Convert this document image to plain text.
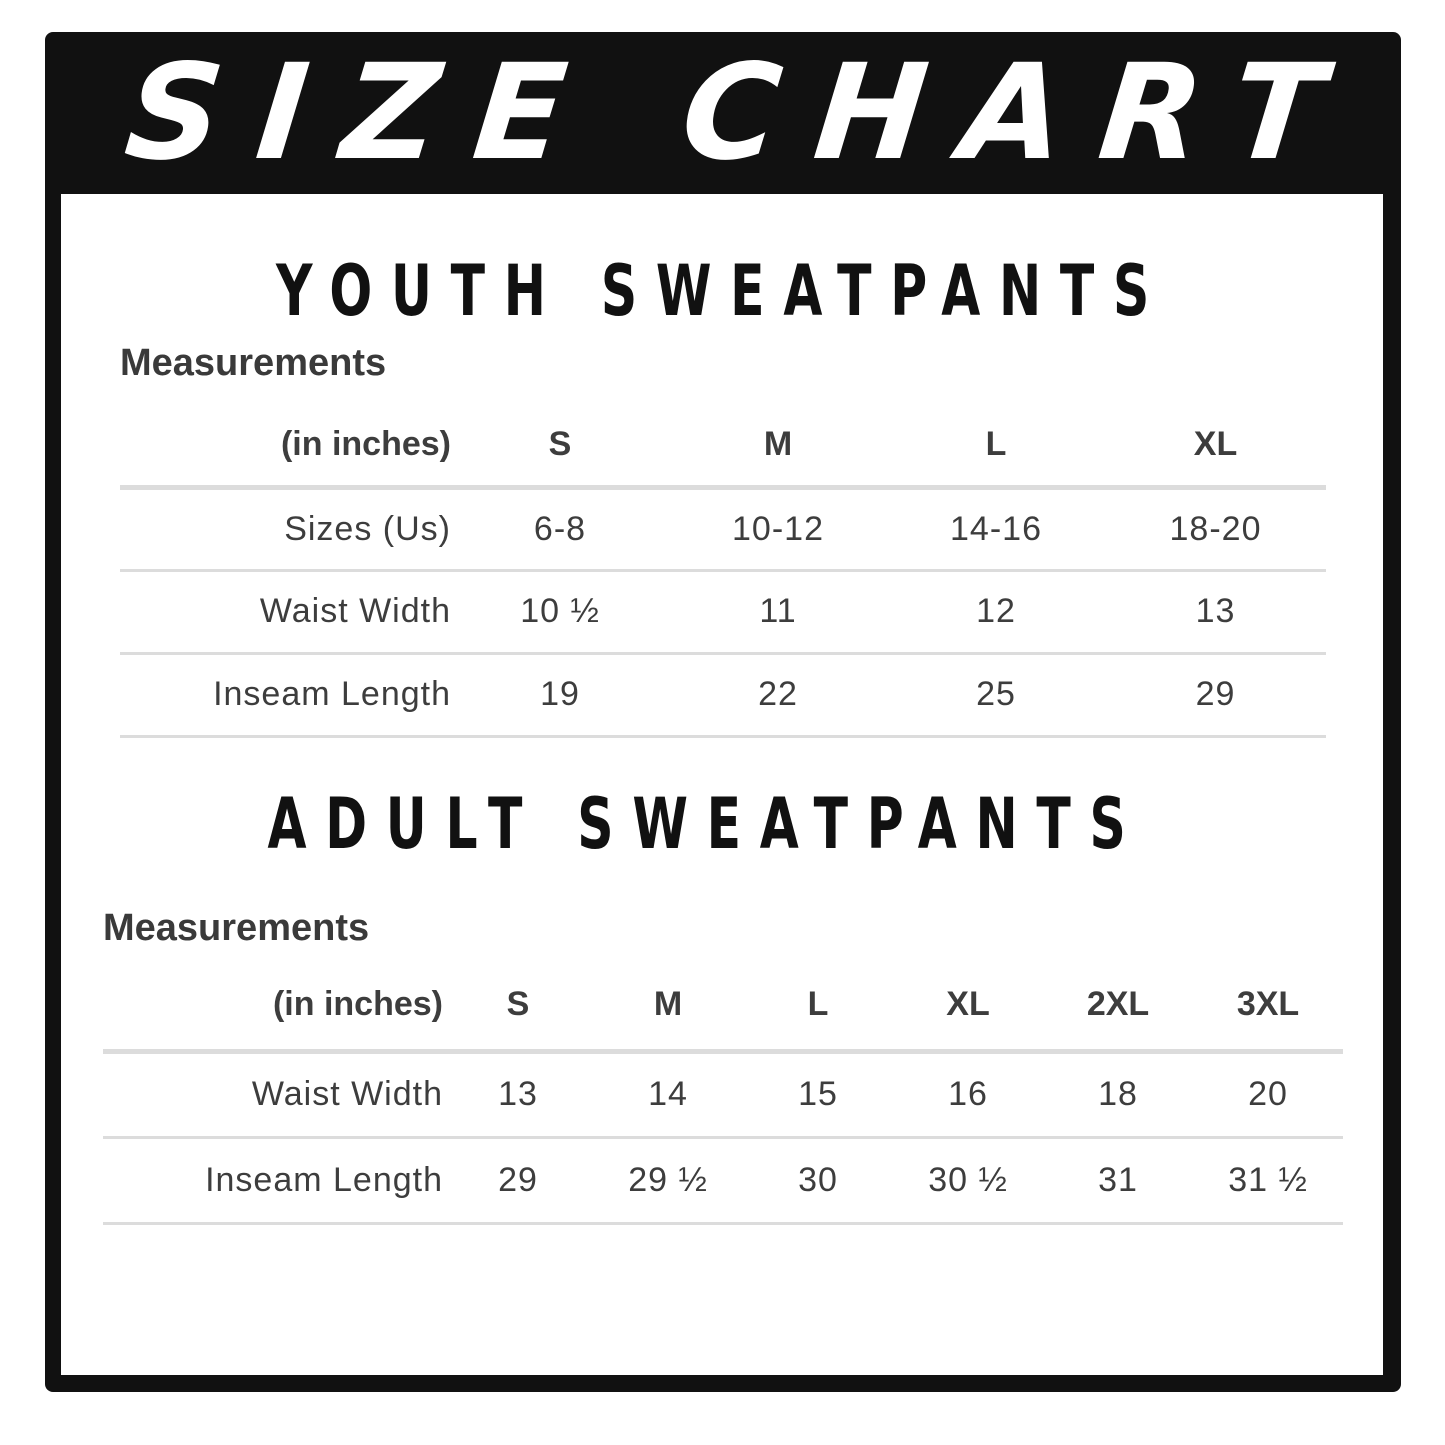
SIZE CHART
YOUTH SWEATPANTS
Measurements
(in inches)	S	M	L	XL
Sizes (Us)	6-8	10-12	14-16	18-20
Waist Width	10 ½	11	12	13
Inseam Length	19	22	25	29
ADULT SWEATPANTS
Measurements
(in inches)	S	M	L	XL	2XL	3XL
Waist Width	13	14	15	16	18	20
Inseam Length	29	29 ½	30	30 ½	31	31 ½
